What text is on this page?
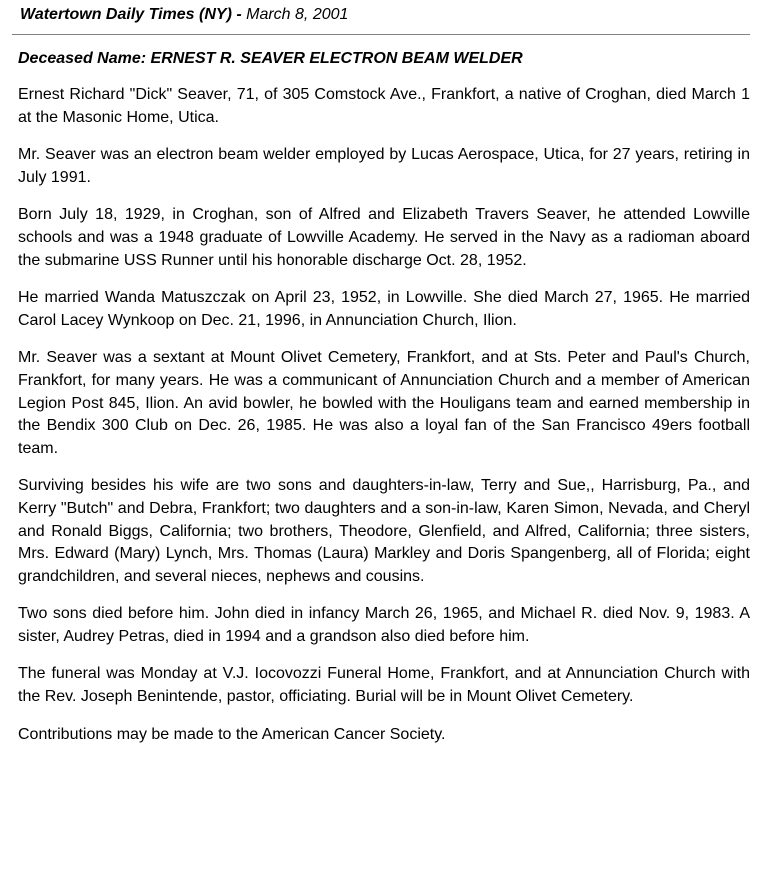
Watertown Daily Times (NY) - March 8, 2001
Deceased Name: ERNEST R. SEAVER ELECTRON BEAM WELDER

Ernest Richard "Dick" Seaver, 71, of 305 Comstock Ave., Frankfort, a native of Croghan, died March 1 at the Masonic Home, Utica.

Mr. Seaver was an electron beam welder employed by Lucas Aerospace, Utica, for 27 years, retiring in July 1991.

Born July 18, 1929, in Croghan, son of Alfred and Elizabeth Travers Seaver, he attended Lowville schools and was a 1948 graduate of Lowville Academy. He served in the Navy as a radioman aboard the submarine USS Runner until his honorable discharge Oct. 28, 1952.

He married Wanda Matuszczak on April 23, 1952, in Lowville. She died March 27, 1965. He married Carol Lacey Wynkoop on Dec. 21, 1996, in Annunciation Church, Ilion.

Mr. Seaver was a sextant at Mount Olivet Cemetery, Frankfort, and at Sts. Peter and Paul's Church, Frankfort, for many years. He was a communicant of Annunciation Church and a member of American Legion Post 845, Ilion. An avid bowler, he bowled with the Houligans team and earned membership in the Bendix 300 Club on Dec. 26, 1985. He was also a loyal fan of the San Francisco 49ers football team.

Surviving besides his wife are two sons and daughters-in-law, Terry and Sue,, Harrisburg, Pa., and Kerry "Butch" and Debra, Frankfort; two daughters and a son-in-law, Karen Simon, Nevada, and Cheryl and Ronald Biggs, California; two brothers, Theodore, Glenfield, and Alfred, California; three sisters, Mrs. Edward (Mary) Lynch, Mrs. Thomas (Laura) Markley and Doris Spangenberg, all of Florida; eight grandchildren, and several nieces, nephews and cousins.

Two sons died before him. John died in infancy March 26, 1965, and Michael R. died Nov. 9, 1983. A sister, Audrey Petras, died in 1994 and a grandson also died before him.

The funeral was Monday at V.J. Iocovozzi Funeral Home, Frankfort, and at Annunciation Church with the Rev. Joseph Benintende, pastor, officiating. Burial will be in Mount Olivet Cemetery.

Contributions may be made to the American Cancer Society.
